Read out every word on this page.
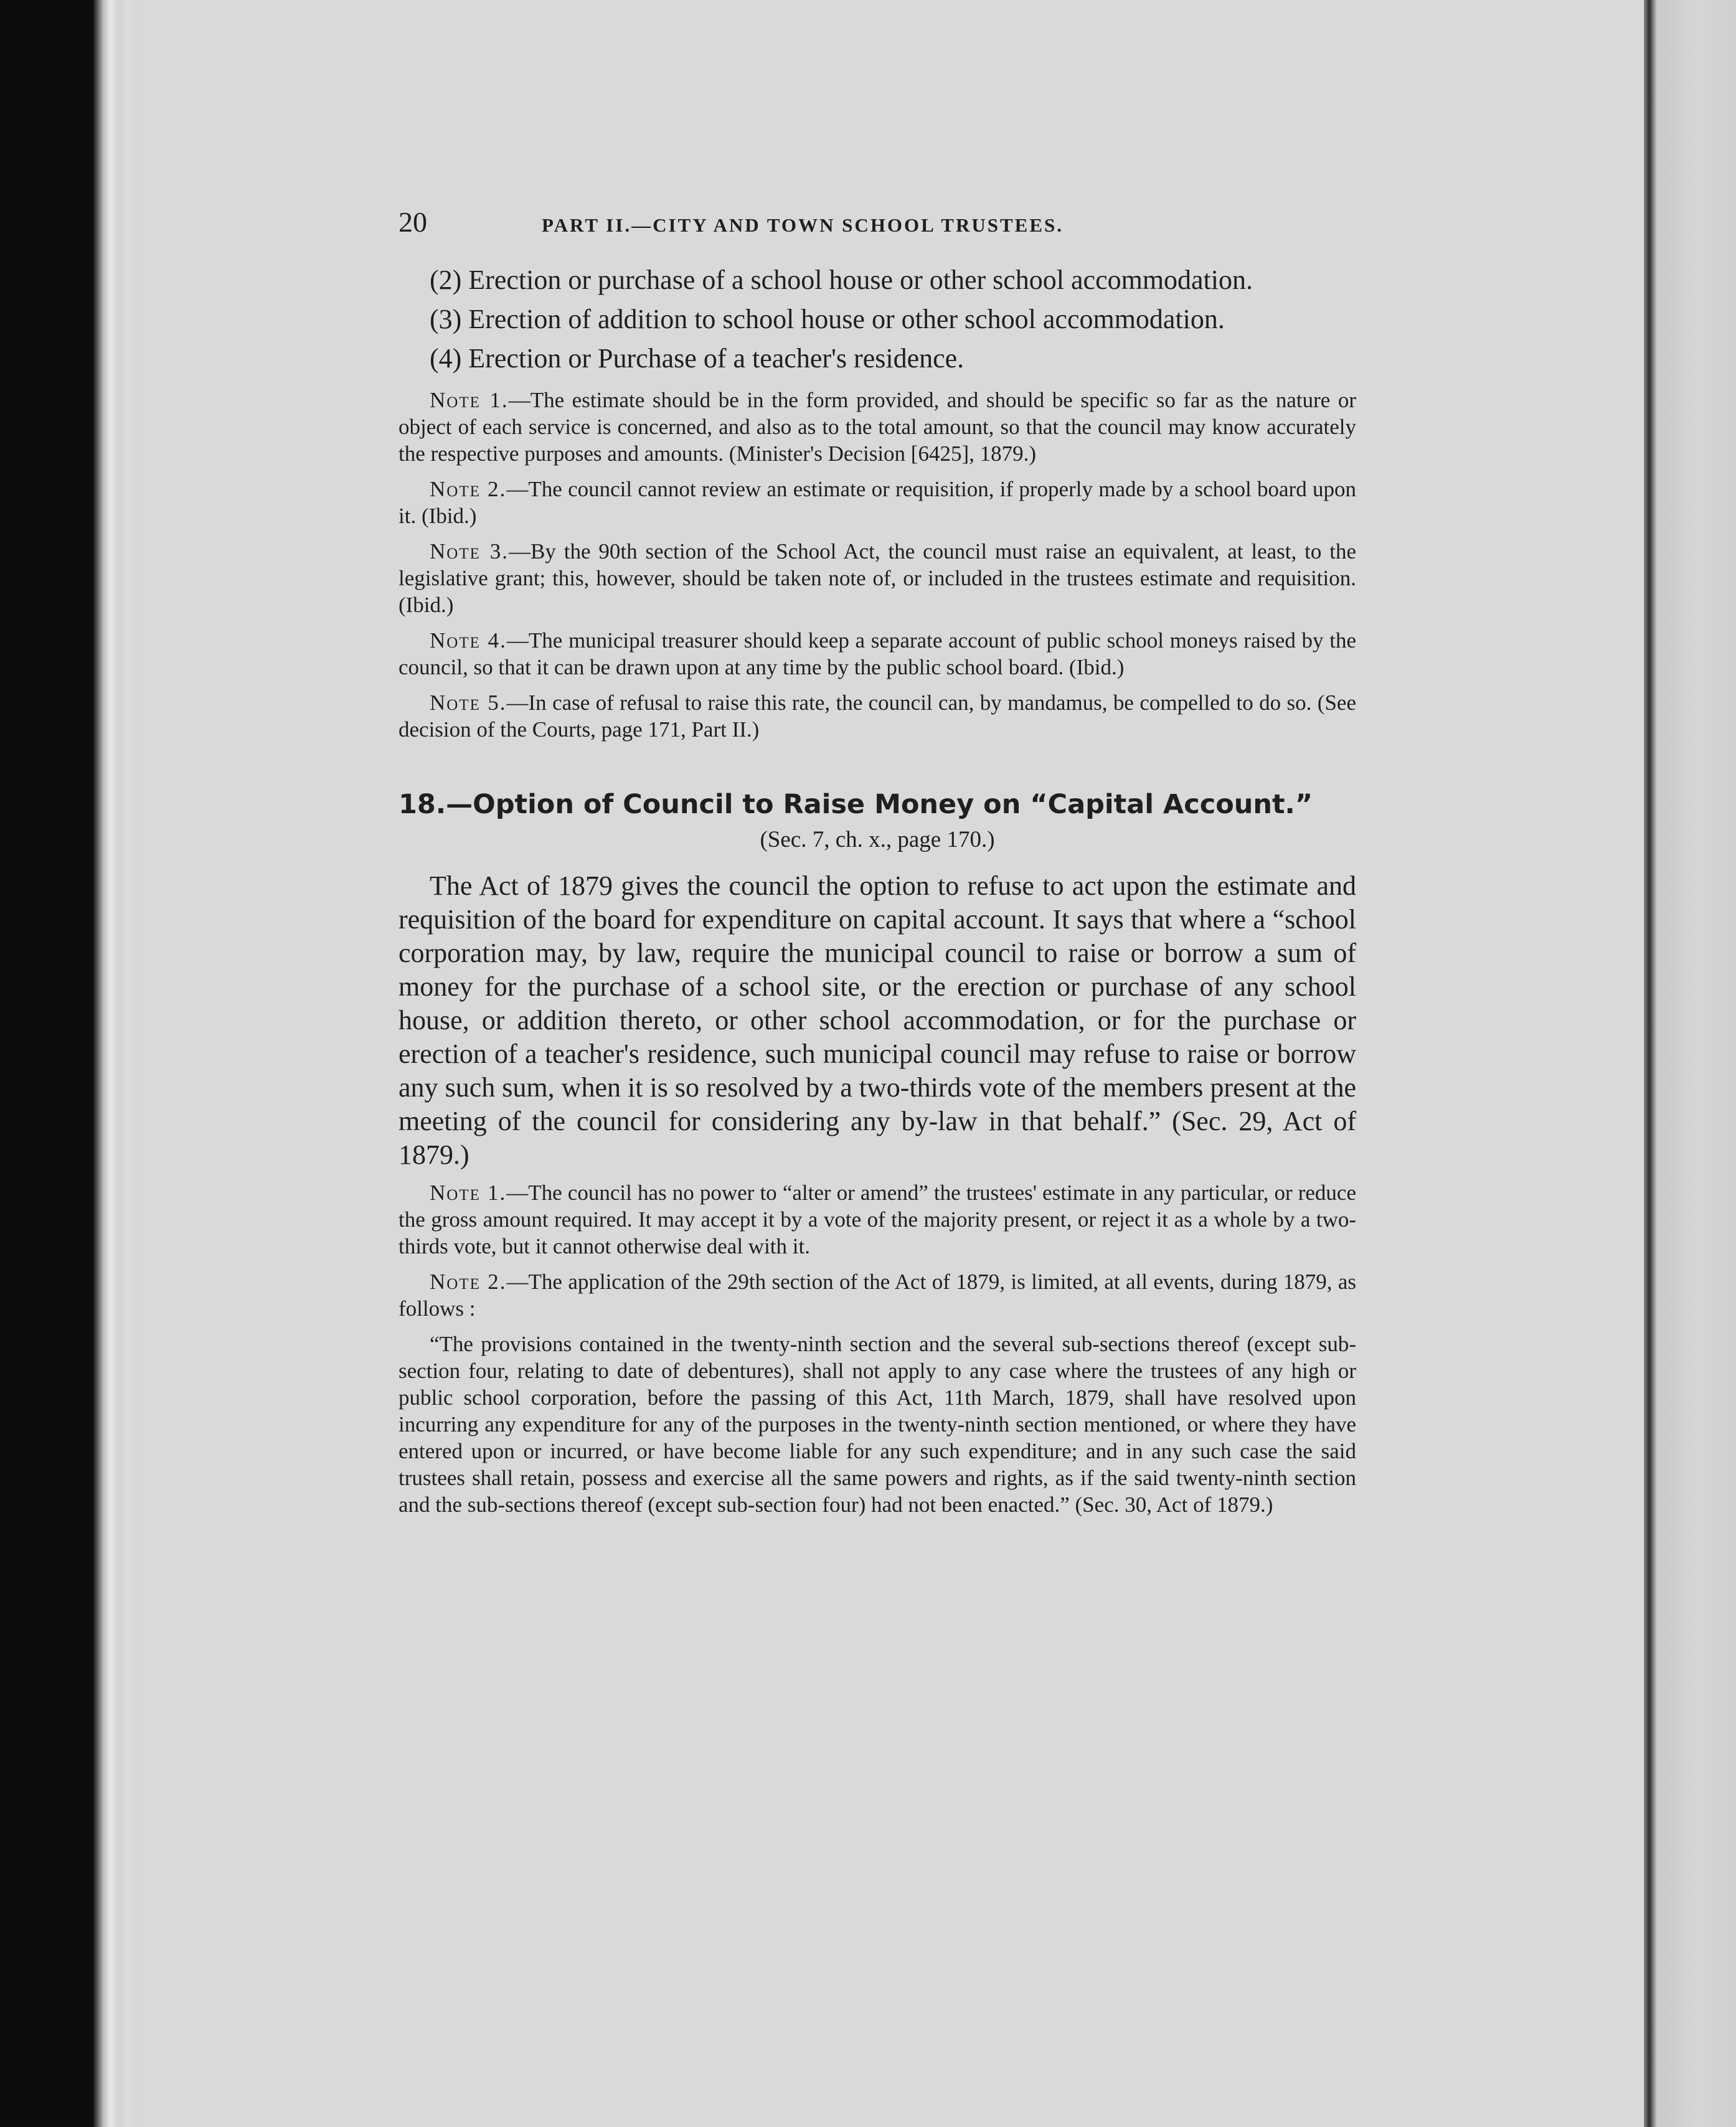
20	PART II.—CITY AND TOWN SCHOOL TRUSTEES.

(2) Erection or purchase of a school house or other school accommodation.

(3) Erection of addition to school house or other school accommodation.

(4) Erection or Purchase of a teacher's residence.

Note 1.—The estimate should be in the form provided, and should be specific so far as the nature or object of each service is concerned, and also as to the total amount, so that the council may know accurately the respective purposes and amounts. (Minister's Decision [6425], 1879.)

Note 2.—The council cannot review an estimate or requisition, if properly made by a school board upon it. (Ibid.)

Note 3.—By the 90th section of the School Act, the council must raise an equivalent, at least, to the legislative grant; this, however, should be taken note of, or included in the trustees estimate and requisition. (Ibid.)

Note 4.—The municipal treasurer should keep a separate account of public school moneys raised by the council, so that it can be drawn upon at any time by the public school board. (Ibid.)

Note 5.—In case of refusal to raise this rate, the council can, by mandamus, be compelled to do so. (See decision of the Courts, page 171, Part II.)

18.—Option of Council to Raise Money on “Capital Account.”
(Sec. 7, ch. x., page 170.)

The Act of 1879 gives the council the option to refuse to act upon the estimate and requisition of the board for expenditure on capital account. It says that where a “school corporation may, by law, require the municipal council to raise or borrow a sum of money for the purchase of a school site, or the erection or purchase of any school house, or addition thereto, or other school accommodation, or for the purchase or erection of a teacher's residence, such municipal council may refuse to raise or borrow any such sum, when it is so resolved by a two-thirds vote of the members present at the meeting of the council for considering any by-law in that behalf.” (Sec. 29, Act of 1879.)

Note 1.—The council has no power to “alter or amend” the trustees' estimate in any particular, or reduce the gross amount required. It may accept it by a vote of the majority present, or reject it as a whole by a two-thirds vote, but it cannot otherwise deal with it.

Note 2.—The application of the 29th section of the Act of 1879, is limited, at all events, during 1879, as follows :

“The provisions contained in the twenty-ninth section and the several sub-sections thereof (except sub-section four, relating to date of debentures), shall not apply to any case where the trustees of any high or public school corporation, before the passing of this Act, 11th March, 1879, shall have resolved upon incurring any expenditure for any of the purposes in the twenty-ninth section mentioned, or where they have entered upon or incurred, or have become liable for any such expenditure; and in any such case the said trustees shall retain, possess and exercise all the same powers and rights, as if the said twenty-ninth section and the sub-sections thereof (except sub-section four) had not been enacted.” (Sec. 30, Act of 1879.)
